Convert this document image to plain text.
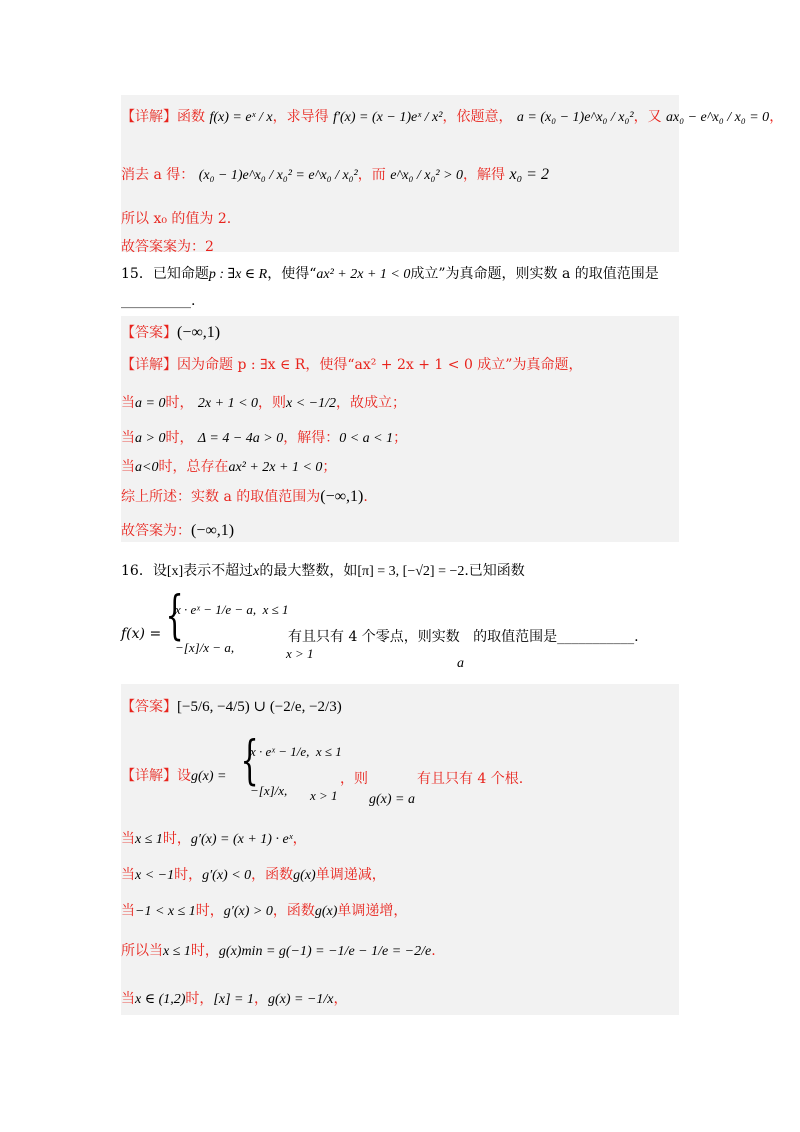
【详解】函数 f(x) = eˣ / x，求导得 f′(x) = (x − 1)eˣ / x²，依题意， a = (x₀ − 1)e^x₀ / x₀²，又 ax₀ − e^x₀ / x₀ = 0，
消去 a 得： (x₀ − 1)e^x₀ / x₀² = e^x₀ / x₀²，而 e^x₀ / x₀² > 0，解得 x₀ = 2
所以 x₀ 的值为 2.
故答案案为：2
15．已知命题p : ∃x ∈ R，使得“ax² + 2x + 1 < 0成立”为真命题，则实数 a 的取值范围是
__________.
【答案】(−∞,1)
【详解】因为命题 p : ∃x ∈ R，使得“ax² + 2x + 1 < 0 成立”为真命题，
当a = 0时， 2x + 1 < 0，则x < −1/2，故成立；
当a > 0时， Δ = 4 − 4a > 0，解得：0 < a < 1；
当a<0时，总存在ax² + 2x + 1 < 0；
综上所述：实数 a 的取值范围为(−∞,1).
故答案为：(−∞,1)
16．设[x]表示不超过x的最大整数，如[π] = 3, [−√2] = −2.已知函数
f(x) = {
x · eˣ − 1/e − a, x ≤ 1
−[x]/x − a,	x > 1
有且只有 4 个零点，则实数 的取值范围是___________.
a
【答案】[−5/6, −4/5) ∪ (−2/e, −2/3)
【详解】设g(x) = {
x · eˣ − 1/e, x ≤ 1
−[x]/x, x > 1
，则	有且只有 4 个根.
g(x) = a
当x ≤ 1时，g′(x) = (x + 1) · eˣ，
当x < −1时，g′(x) < 0，函数g(x)单调递减，
当−1 < x ≤ 1时，g′(x) > 0，函数g(x)单调递增，
所以当x ≤ 1时，g(x)min = g(−1) = −1/e − 1/e = −2/e.
当x ∈ (1,2)时，[x] = 1，g(x) = −1/x，
